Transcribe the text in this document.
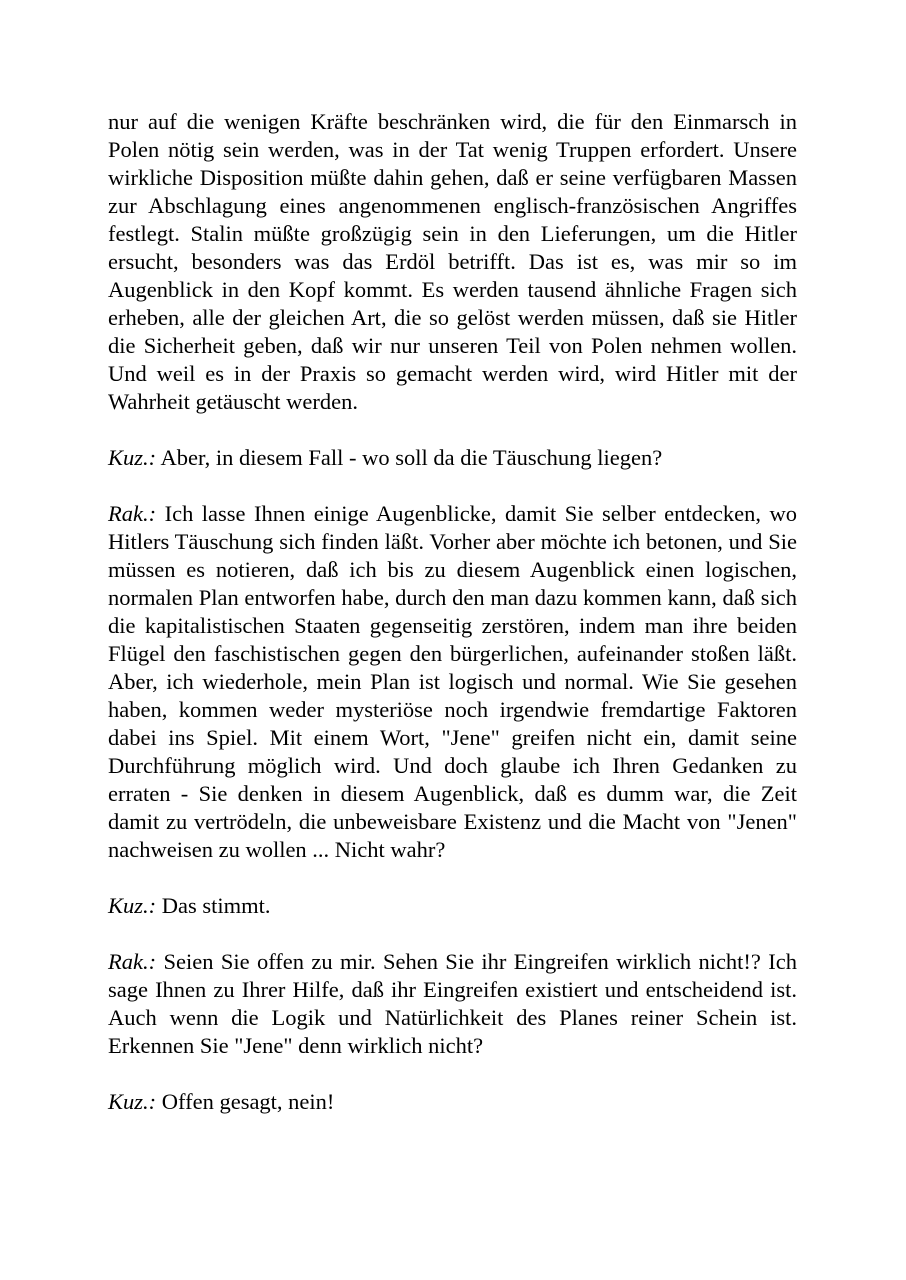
nur auf die wenigen Kräfte beschränken wird, die für den Einmarsch in Polen nötig sein werden, was in der Tat wenig Truppen erfordert. Unsere wirkliche Disposition müßte dahin gehen, daß er seine verfügbaren Massen zur Abschlagung eines angenommenen englisch-französischen Angriffes festlegt. Stalin müßte großzügig sein in den Lieferungen, um die Hitler ersucht, besonders was das Erdöl betrifft. Das ist es, was mir so im Augenblick in den Kopf kommt. Es werden tausend ähnliche Fragen sich erheben, alle der gleichen Art, die so gelöst werden müssen, daß sie Hitler die Sicherheit geben, daß wir nur unseren Teil von Polen nehmen wollen. Und weil es in der Praxis so gemacht werden wird, wird Hitler mit der Wahrheit getäuscht werden.

Kuz.: Aber, in diesem Fall - wo soll da die Täuschung liegen?

Rak.: Ich lasse Ihnen einige Augenblicke, damit Sie selber entdecken, wo Hitlers Täuschung sich finden läßt. Vorher aber möchte ich betonen, und Sie müssen es notieren, daß ich bis zu diesem Augenblick einen logischen, normalen Plan entworfen habe, durch den man dazu kommen kann, daß sich die kapitalistischen Staaten gegenseitig zerstören, indem man ihre beiden Flügel den faschistischen gegen den bürgerlichen, aufeinander stoßen läßt. Aber, ich wiederhole, mein Plan ist logisch und normal. Wie Sie gesehen haben, kommen weder mysteriöse noch irgendwie fremdartige Faktoren dabei ins Spiel. Mit einem Wort, "Jene" greifen nicht ein, damit seine Durchführung möglich wird. Und doch glaube ich Ihren Gedanken zu erraten - Sie denken in diesem Augenblick, daß es dumm war, die Zeit damit zu vertrödeln, die unbeweisbare Existenz und die Macht von "Jenen" nachweisen zu wollen ... Nicht wahr?

Kuz.: Das stimmt.

Rak.: Seien Sie offen zu mir. Sehen Sie ihr Eingreifen wirklich nicht!? Ich sage Ihnen zu Ihrer Hilfe, daß ihr Eingreifen existiert und entscheidend ist. Auch wenn die Logik und Natürlichkeit des Planes reiner Schein ist. Erkennen Sie "Jene" denn wirklich nicht?

Kuz.: Offen gesagt, nein!
